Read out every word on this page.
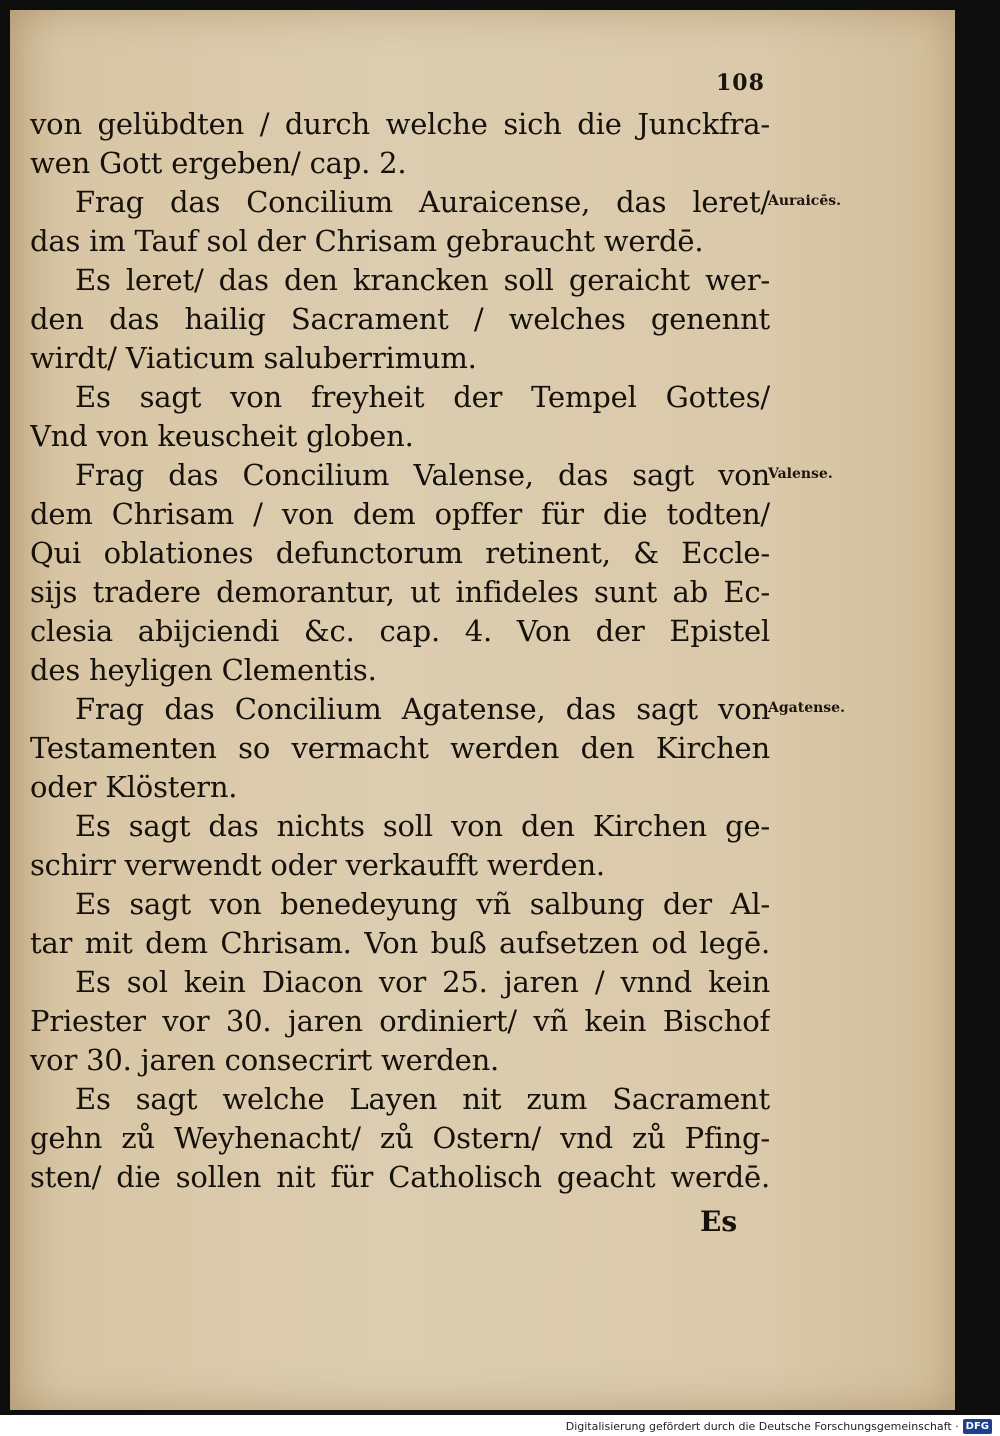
108
von gelübdten / durch welche sich die Junckfra-
wen Gott ergeben/ cap. 2.
Frag das Concilium Auraicense, das leret/
das im Tauf sol der Chrisam gebraucht werdē.
Es leret/ das den krancken soll geraicht wer-
den das hailig Sacrament / welches genennt
wirdt/ Viaticum saluberrimum.
Es sagt von freyheit der Tempel Gottes/
Vnd von keuscheit globen.
Frag das Concilium Valense, das sagt von
dem Chrisam / von dem opffer für die todten/
Qui oblationes defunctorum retinent, & Eccle-
sijs tradere demorantur, ut infideles sunt ab Ec-
clesia abijciendi &c. cap. 4. Von der Epistel
des heyligen Clementis.
Frag das Concilium Agatense, das sagt von
Testamenten so vermacht werden den Kirchen
oder Klöstern.
Es sagt das nichts soll von den Kirchen ge-
schirr verwendt oder verkaufft werden.
Es sagt von benedeyung vñ salbung der Al-
tar mit dem Chrisam. Von buß aufsetzen od legē.
Es sol kein Diacon vor 25. jaren / vnnd kein
Priester vor 30. jaren ordiniert/ vñ kein Bischof
vor 30. jaren consecrirt werden.
Es sagt welche Layen nit zum Sacrament
gehn zů Weyhenacht/ zů Ostern/ vnd zů Pfing-
sten/ die sollen nit für Catholisch geacht werdē.
Auraicēs.
Valense.
Agatense.
Es
Digitalisierung gefördert durch die Deutsche Forschungsgemeinschaft · DFG
